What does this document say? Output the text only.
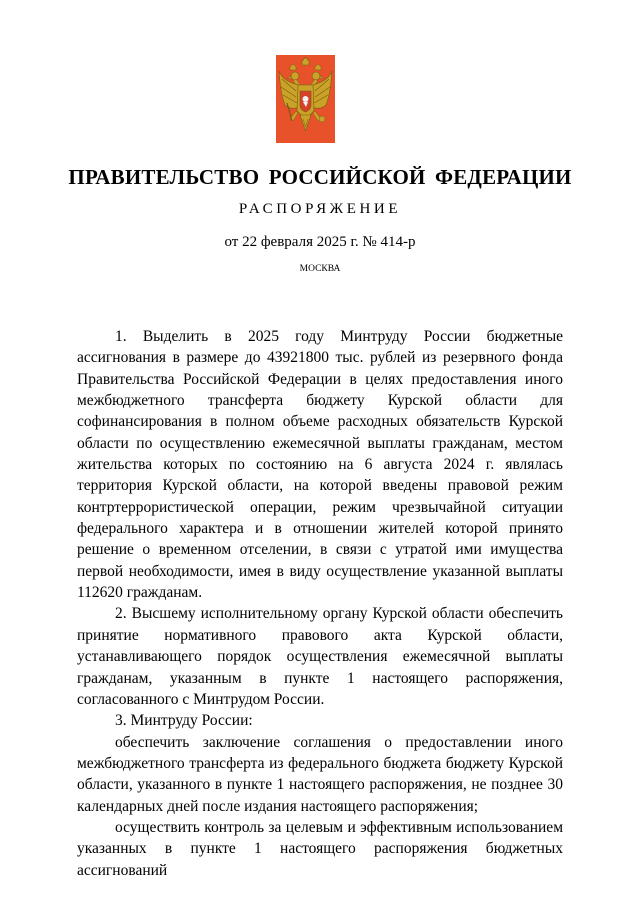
ПРАВИТЕЛЬСТВО РОССИЙСКОЙ ФЕДЕРАЦИИ
РАСПОРЯЖЕНИЕ
от 22 февраля 2025 г. № 414-р
МОСКВА

1. Выделить в 2025 году Минтруду России бюджетные ассигнования в размере до 43921800 тыс. рублей из резервного фонда Правительства Российской Федерации в целях предоставления иного межбюджетного трансферта бюджету Курской области для софинансирования в полном объеме расходных обязательств Курской области по осуществлению ежемесячной выплаты гражданам, местом жительства которых по состоянию на 6 августа 2024 г. являлась территория Курской области, на которой введены правовой режим контртеррористической операции, режим чрезвычайной ситуации федерального характера и в отношении жителей которой принято решение о временном отселении, в связи с утратой ими имущества первой необходимости, имея в виду осуществление указанной выплаты 112620 гражданам.

2. Высшему исполнительному органу Курской области обеспечить принятие нормативного правового акта Курской области, устанавливающего порядок осуществления ежемесячной выплаты гражданам, указанным в пункте 1 настоящего распоряжения, согласованного с Минтрудом России.

3. Минтруду России:

обеспечить заключение соглашения о предоставлении иного межбюджетного трансферта из федерального бюджета бюджету Курской области, указанного в пункте 1 настоящего распоряжения, не позднее 30 календарных дней после издания настоящего распоряжения;

осуществить контроль за целевым и эффективным использованием указанных в пункте 1 настоящего распоряжения бюджетных ассигнований
